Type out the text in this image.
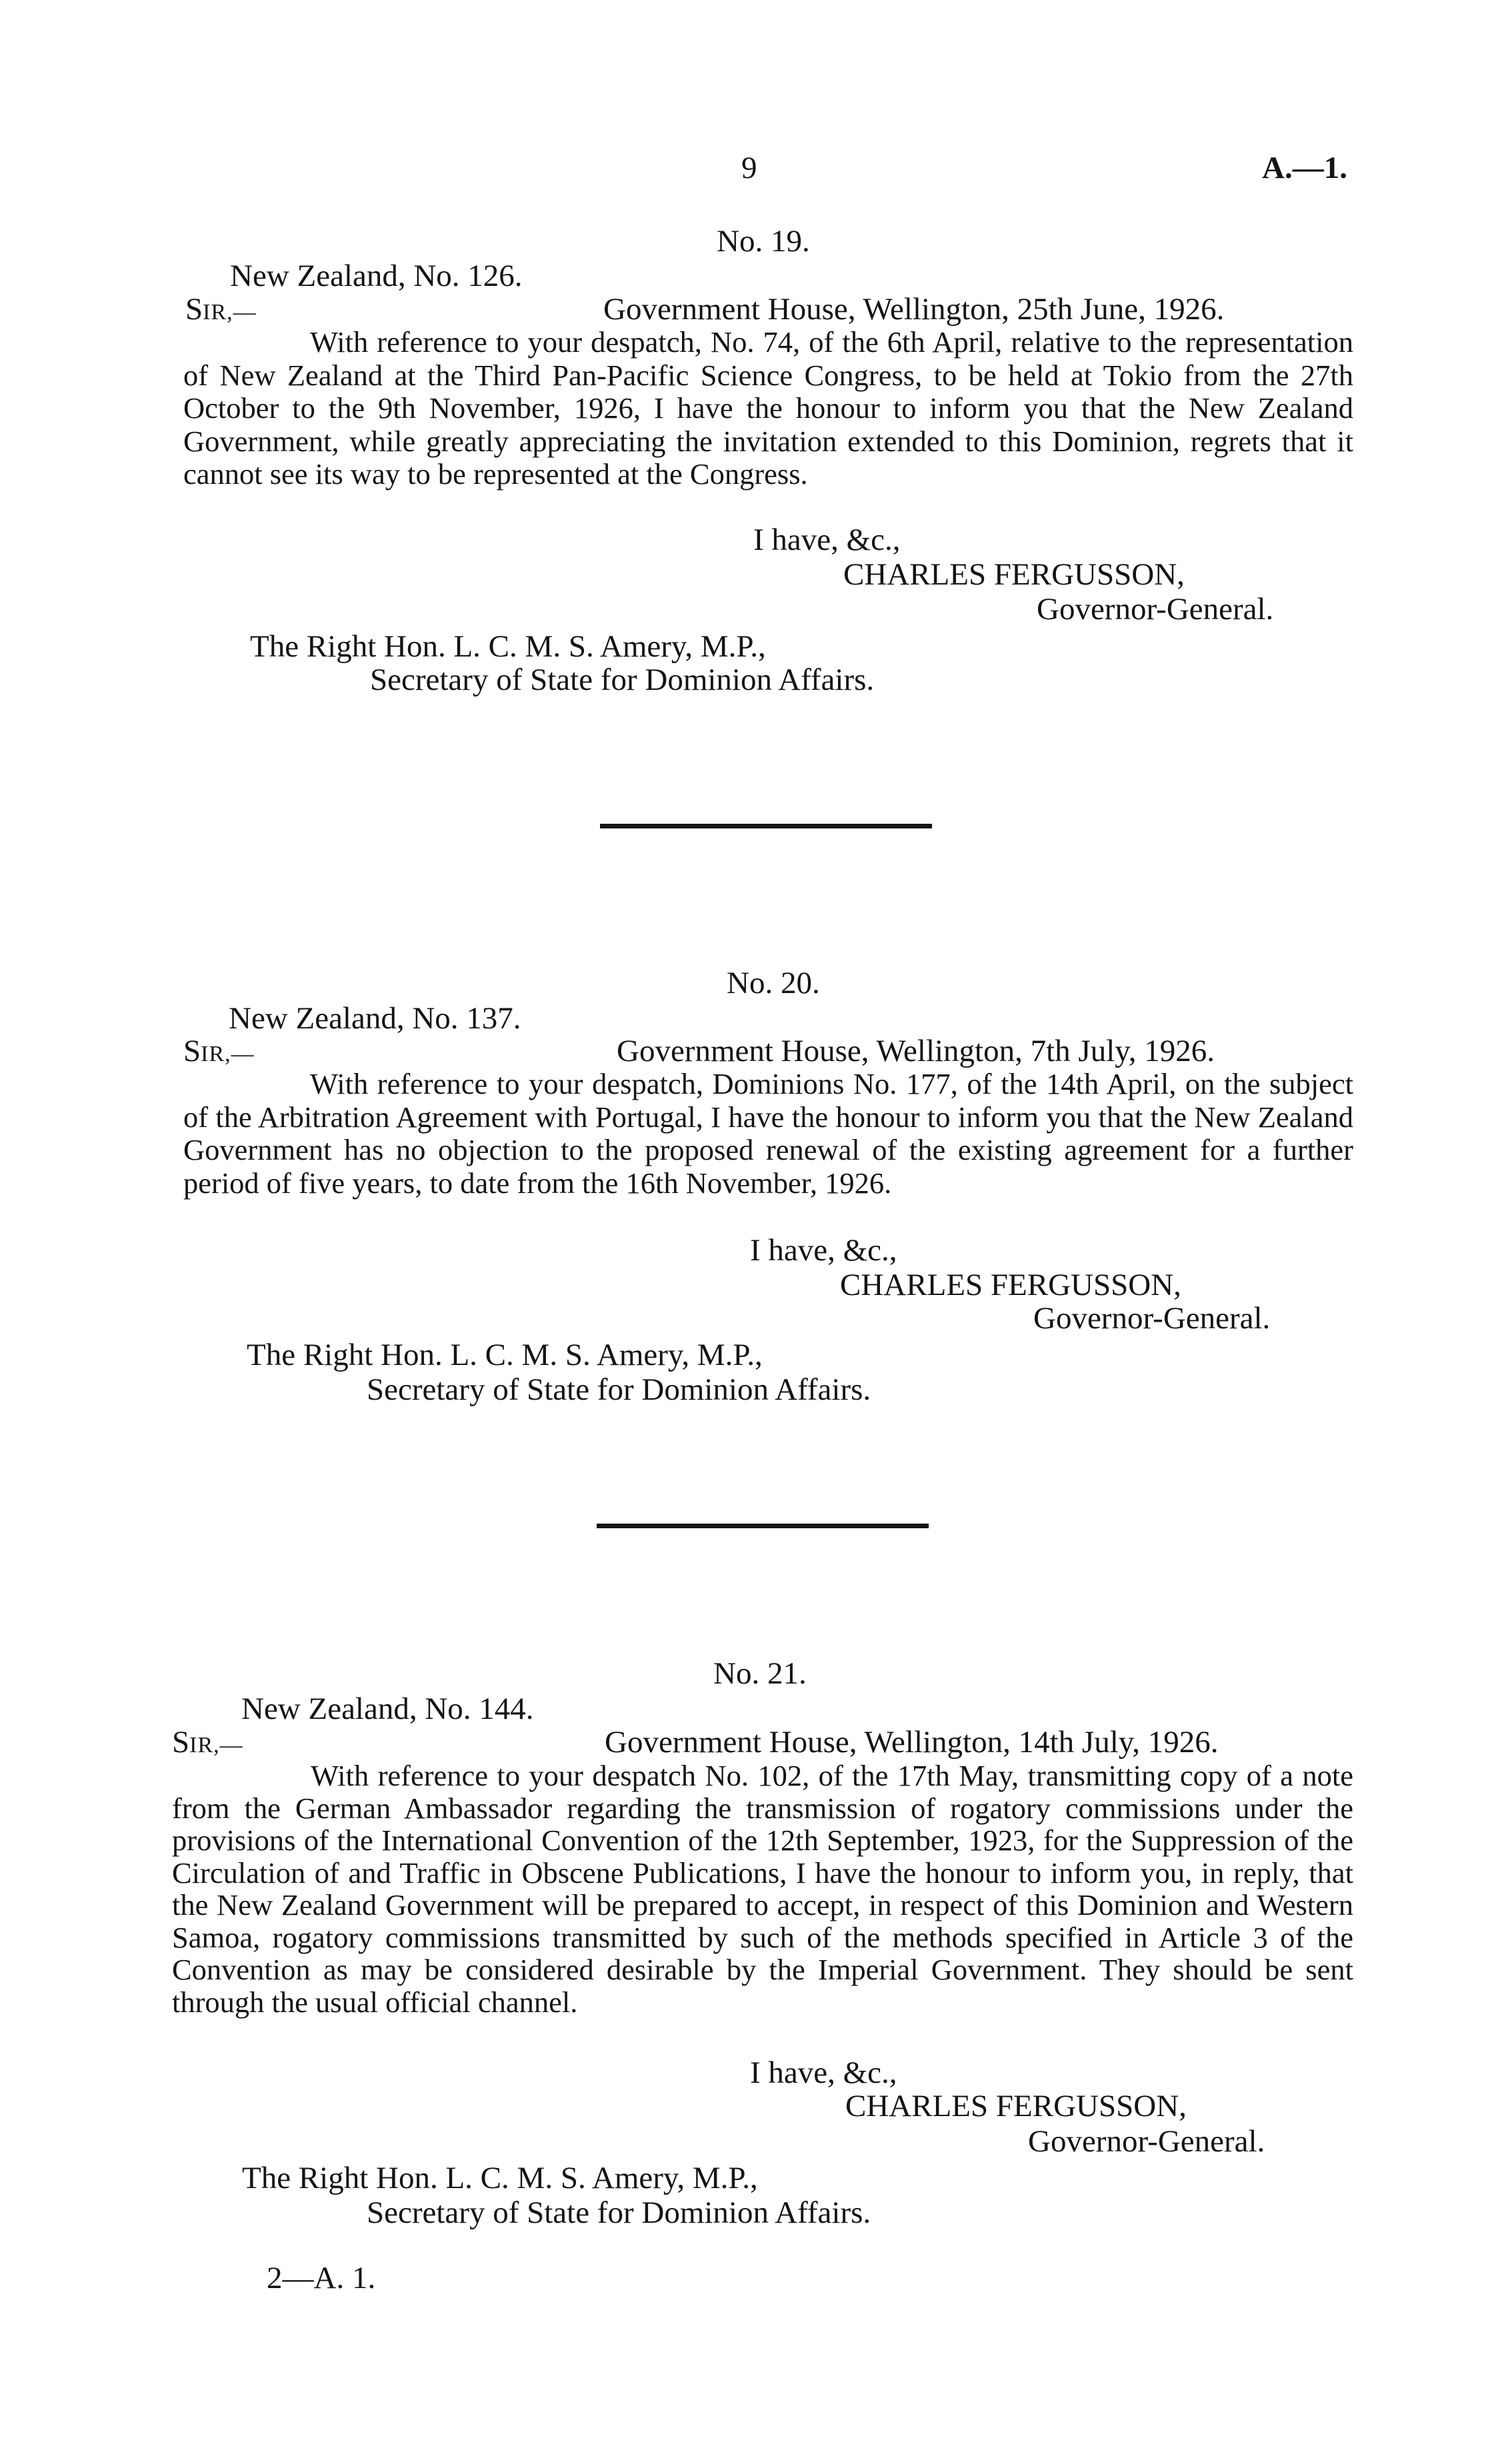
9	A.—1.
No. 19.
New Zealand, No. 126.
SIR,—	Government House, Wellington, 25th June, 1926.
With reference to your despatch, No. 74, of the 6th April, relative to the representation of New Zealand at the Third Pan-Pacific Science Congress, to be held at Tokio from the 27th October to the 9th November, 1926, I have the honour to inform you that the New Zealand Government, while greatly appreciating the invitation extended to this Dominion, regrets that it cannot see its way to be represented at the Congress.
I have, &c.,
CHARLES FERGUSSON,
Governor-General.
The Right Hon. L. C. M. S. Amery, M.P.,
Secretary of State for Dominion Affairs.
No. 20.
New Zealand, No. 137.
SIR,—	Government House, Wellington, 7th July, 1926.
With reference to your despatch, Dominions No. 177, of the 14th April, on the subject of the Arbitration Agreement with Portugal, I have the honour to inform you that the New Zealand Government has no objection to the proposed renewal of the existing agreement for a further period of five years, to date from the 16th November, 1926.
I have, &c.,
CHARLES FERGUSSON,
Governor-General.
The Right Hon. L. C. M. S. Amery, M.P.,
Secretary of State for Dominion Affairs.
No. 21.
New Zealand, No. 144.
SIR,—	Government House, Wellington, 14th July, 1926.
With reference to your despatch No. 102, of the 17th May, transmitting copy of a note from the German Ambassador regarding the transmission of rogatory commissions under the provisions of the International Convention of the 12th September, 1923, for the Suppression of the Circulation of and Traffic in Obscene Publications, I have the honour to inform you, in reply, that the New Zealand Government will be prepared to accept, in respect of this Dominion and Western Samoa, rogatory commissions transmitted by such of the methods specified in Article 3 of the Convention as may be considered desirable by the Imperial Government. They should be sent through the usual official channel.
I have, &c.,
CHARLES FERGUSSON,
Governor-General.
The Right Hon. L. C. M. S. Amery, M.P.,
Secretary of State for Dominion Affairs.
2—A. 1.
